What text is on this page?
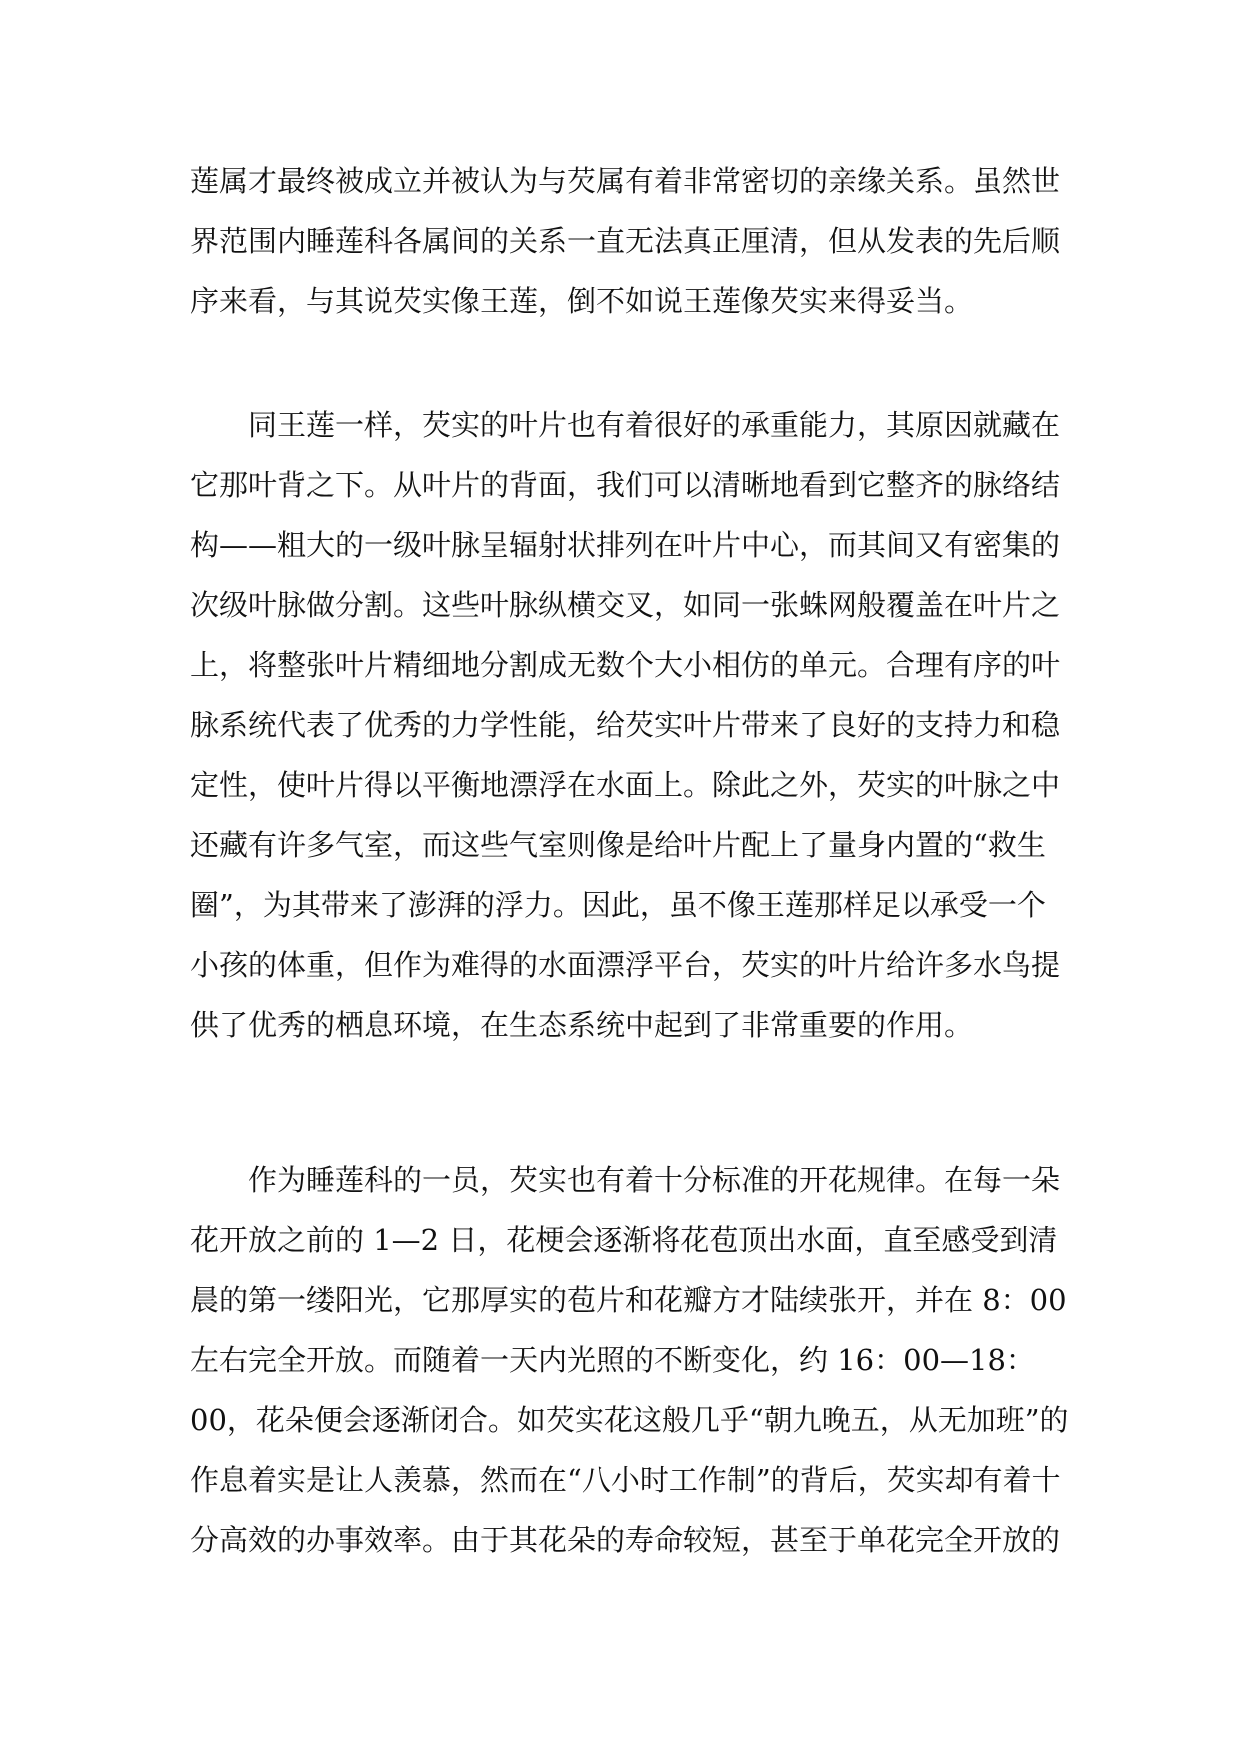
莲属才最终被成立并被认为与芡属有着非常密切的亲缘关系。虽然世
界范围内睡莲科各属间的关系一直无法真正厘清，但从发表的先后顺
序来看，与其说芡实像王莲，倒不如说王莲像芡实来得妥当。
　　同王莲一样，芡实的叶片也有着很好的承重能力，其原因就藏在
它那叶背之下。从叶片的背面，我们可以清晰地看到它整齐的脉络结
构——粗大的一级叶脉呈辐射状排列在叶片中心，而其间又有密集的
次级叶脉做分割。这些叶脉纵横交叉，如同一张蛛网般覆盖在叶片之
上，将整张叶片精细地分割成无数个大小相仿的单元。合理有序的叶
脉系统代表了优秀的力学性能，给芡实叶片带来了良好的支持力和稳
定性，使叶片得以平衡地漂浮在水面上。除此之外，芡实的叶脉之中
还藏有许多气室，而这些气室则像是给叶片配上了量身内置的“救生
圈”，为其带来了澎湃的浮力。因此，虽不像王莲那样足以承受一个
小孩的体重，但作为难得的水面漂浮平台，芡实的叶片给许多水鸟提
供了优秀的栖息环境，在生态系统中起到了非常重要的作用。
　　作为睡莲科的一员，芡实也有着十分标准的开花规律。在每一朵
花开放之前的 1—2 日，花梗会逐渐将花苞顶出水面，直至感受到清
晨的第一缕阳光，它那厚实的苞片和花瓣方才陆续张开，并在 8：00
左右完全开放。而随着一天内光照的不断变化，约 16：00—18：
00，花朵便会逐渐闭合。如芡实花这般几乎“朝九晚五，从无加班”的
作息着实是让人羡慕，然而在“八小时工作制”的背后，芡实却有着十
分高效的办事效率。由于其花朵的寿命较短，甚至于单花完全开放的
